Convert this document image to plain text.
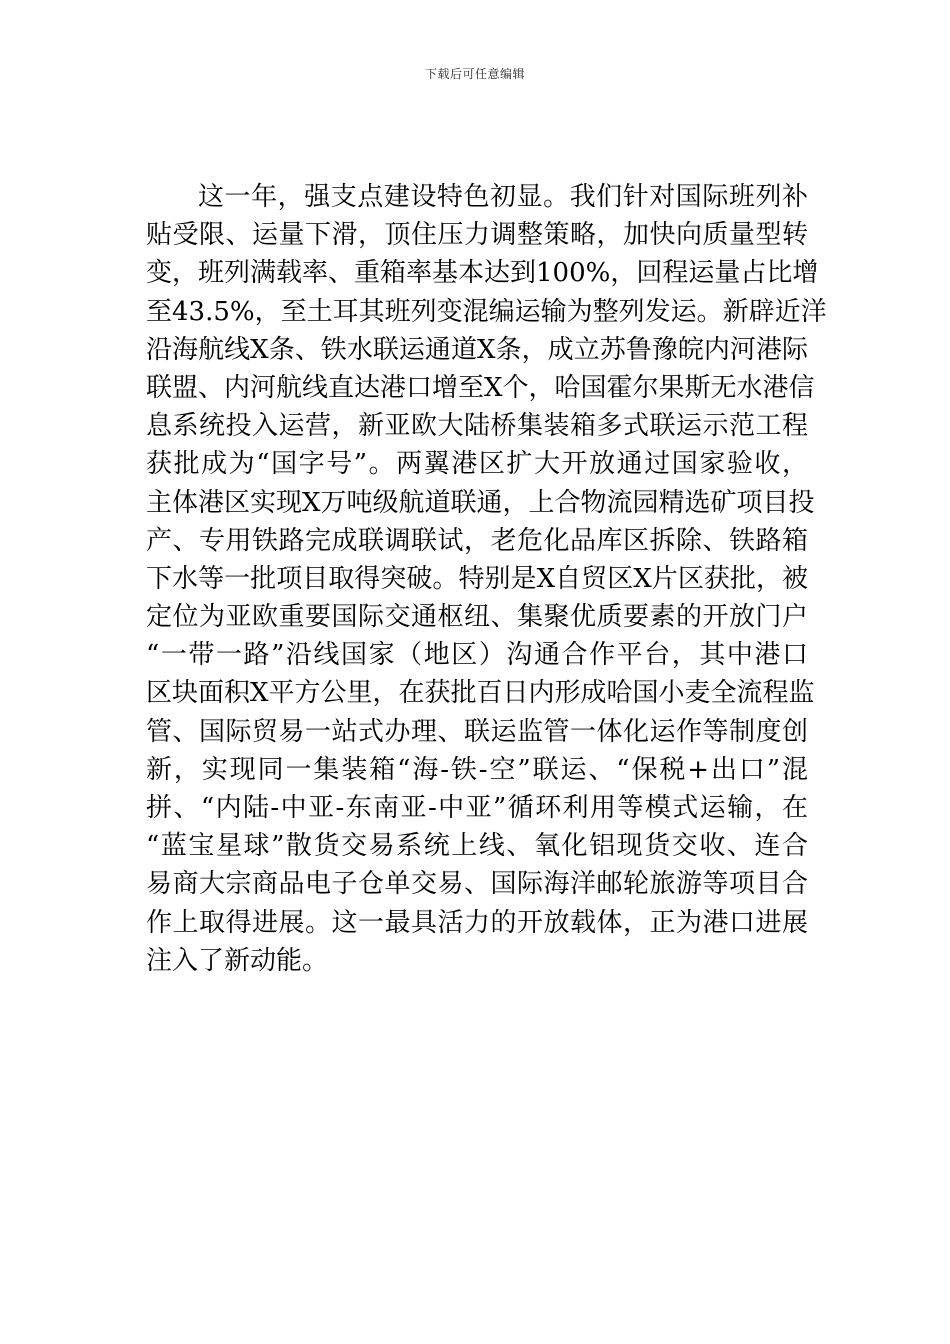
下载后可任意编辑
这一年，强支点建设特色初显。我们针对国际班列补
贴受限、运量下滑，顶住压力调整策略，加快向质量型转
变，班列满载率、重箱率基本达到100%，回程运量占比增
至43.5%，至土耳其班列变混编运输为整列发运。新辟近洋
沿海航线X条、铁水联运通道X条，成立苏鲁豫皖内河港际
联盟、内河航线直达港口增至X个，哈国霍尔果斯无水港信
息系统投入运营，新亚欧大陆桥集装箱多式联运示范工程
获批成为“国字号”。两翼港区扩大开放通过国家验收，
主体港区实现X万吨级航道联通，上合物流园精选矿项目投
产、专用铁路完成联调联试，老危化品库区拆除、铁路箱
下水等一批项目取得突破。特别是X自贸区X片区获批，被
定位为亚欧重要国际交通枢纽、集聚优质要素的开放门户
“一带一路”沿线国家（地区）沟通合作平台，其中港口
区块面积X平方公里，在获批百日内形成哈国小麦全流程监
管、国际贸易一站式办理、联运监管一体化运作等制度创
新，实现同一集装箱“海-铁-空”联运、“保税+出口”混
拼、“内陆-中亚-东南亚-中亚”循环利用等模式运输，在
“蓝宝星球”散货交易系统上线、氧化铝现货交收、连合
易商大宗商品电子仓单交易、国际海洋邮轮旅游等项目合
作上取得进展。这一最具活力的开放载体，正为港口进展
注入了新动能。
